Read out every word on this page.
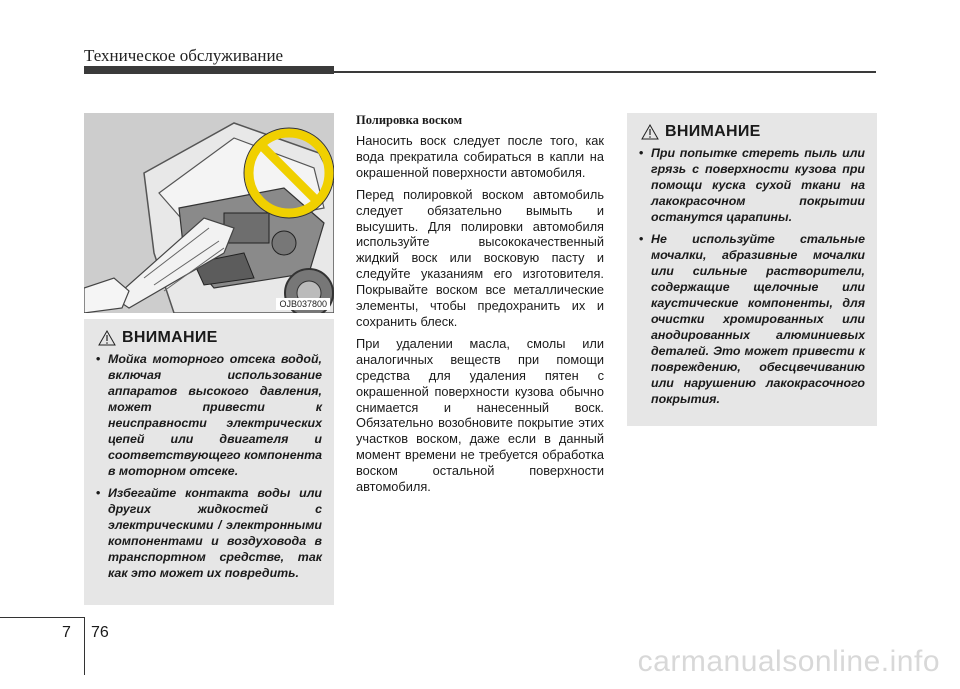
Техническое обслуживание
OJB037800
ВНИМАНИЕ
• Мойка моторного отсека водой, включая использование аппаратов высокого давления, может привести к неисправности электрических цепей или двигателя и соответствующего компонента в моторном отсеке.
• Избегайте контакта воды или других жидкостей с электрическими / электронными компонентами и воздуховода в транспортном средстве, так как это может их повредить.
Полировка воском

Наносить воск следует после того, как вода прекратила собираться в капли на окрашенной поверхности автомобиля.

Перед полировкой воском автомобиль следует обязательно вымыть и высушить. Для полировки автомобиля используйте высококачественный жидкий воск или восковую пасту и следуйте указаниям его изготовителя. Покрывайте воском все металлические элементы, чтобы предохранить их и сохранить блеск.

При удалении масла, смолы или аналогичных веществ при помощи средства для удаления пятен с окрашенной поверхности кузова обычно снимается и нанесенный воск. Обязательно возобновите покрытие этих участков воском, даже если в данный момент времени не требуется обработка воском остальной поверхности автомобиля.

ВНИМАНИЕ
• При попытке стереть пыль или грязь с поверхности кузова при помощи куска сухой ткани на лакокрасочном покрытии останутся царапины.
• Не используйте стальные мочалки, абразивные мочалки или сильные растворители, содержащие щелочные или каустические компоненты, для очистки хромированных или анодированных алюминиевых деталей. Это может привести к повреждению, обесцвечиванию или нарушению лакокрасочного покрытия.
7 76
carmanualsonline.info
